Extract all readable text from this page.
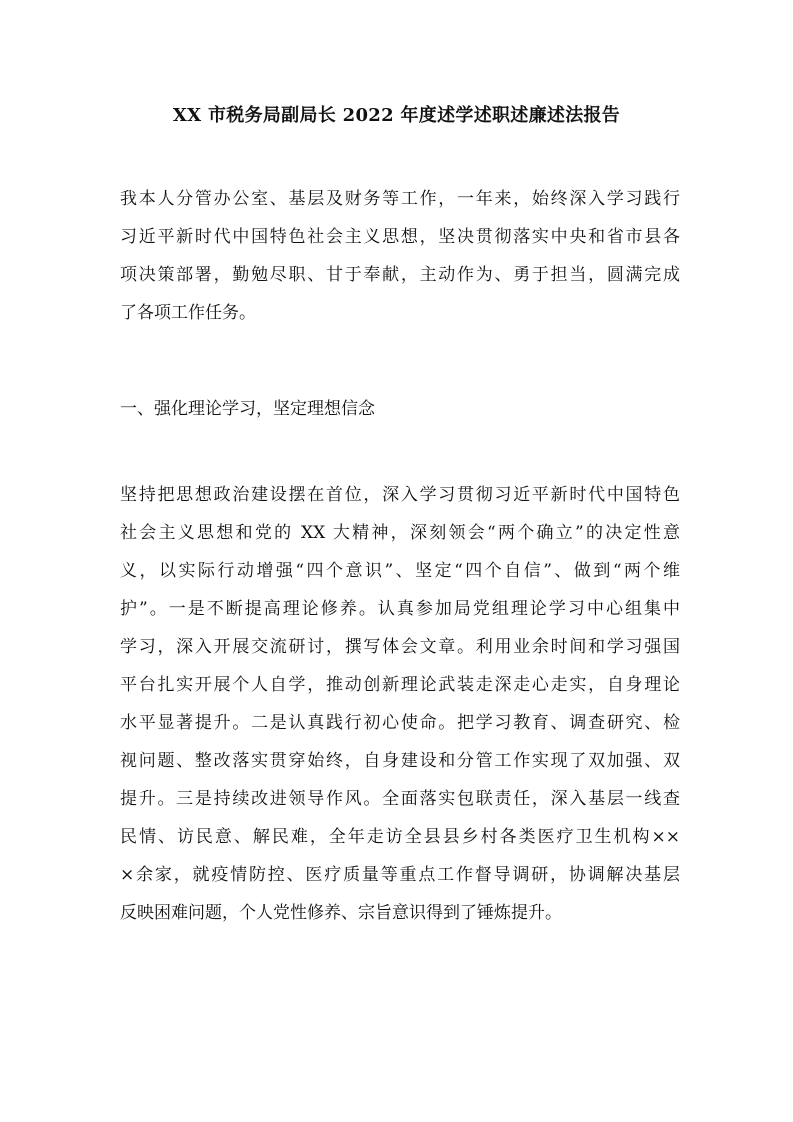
XX 市税务局副局长 2022 年度述学述职述廉述法报告
我本人分管办公室、基层及财务等工作，一年来，始终深入学习践行
习近平新时代中国特色社会主义思想，坚决贯彻落实中央和省市县各
项决策部署，勤勉尽职、甘于奉献，主动作为、勇于担当，圆满完成
了各项工作任务。
一、强化理论学习，坚定理想信念
坚持把思想政治建设摆在首位，深入学习贯彻习近平新时代中国特色
社会主义思想和党的 XX 大精神，深刻领会“两个确立”的决定性意
义，以实际行动增强“四个意识”、坚定“四个自信”、做到“两个维
护”。一是不断提高理论修养。认真参加局党组理论学习中心组集中
学习，深入开展交流研讨，撰写体会文章。利用业余时间和学习强国
平台扎实开展个人自学，推动创新理论武装走深走心走实，自身理论
水平显著提升。二是认真践行初心使命。把学习教育、调查研究、检
视问题、整改落实贯穿始终，自身建设和分管工作实现了双加强、双
提升。三是持续改进领导作风。全面落实包联责任，深入基层一线查
民情、访民意、解民难，全年走访全县县乡村各类医疗卫生机构××
×余家，就疫情防控、医疗质量等重点工作督导调研，协调解决基层
反映困难问题，个人党性修养、宗旨意识得到了锤炼提升。
